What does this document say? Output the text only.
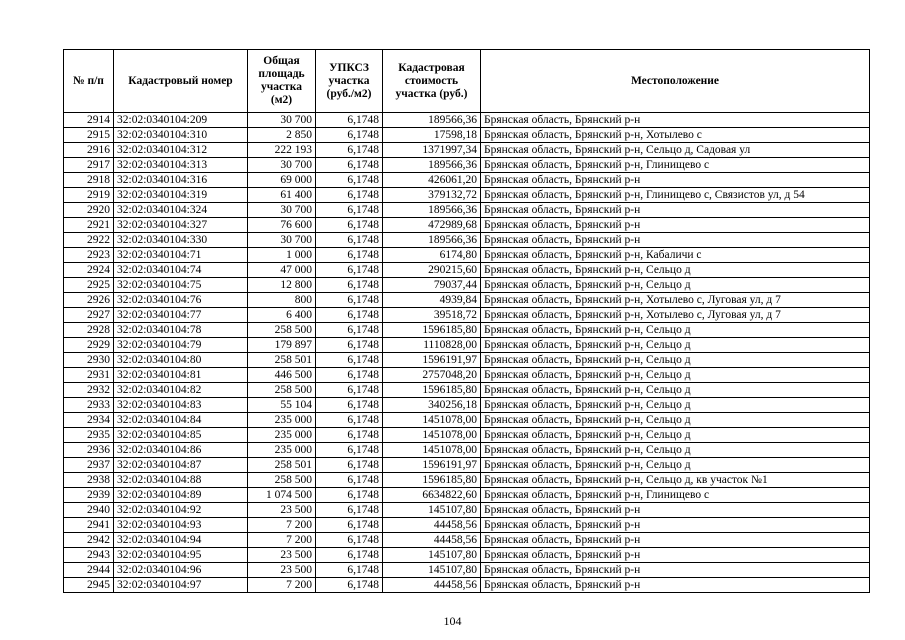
№ п/п	Кадастровый номер	Общая площадь участка (м2)	УПКСЗ участка (руб./м2)	Кадастровая стоимость участка (руб.)	Местоположение
2914	32:02:0340104:209	30 700	6,1748	189566,36	Брянская область, Брянский р-н
2915	32:02:0340104:310	2 850	6,1748	17598,18	Брянская область, Брянский р-н, Хотылево с
2916	32:02:0340104:312	222 193	6,1748	1371997,34	Брянская область, Брянский р-н, Сельцо д, Садовая ул
2917	32:02:0340104:313	30 700	6,1748	189566,36	Брянская область, Брянский р-н, Глинищево с
2918	32:02:0340104:316	69 000	6,1748	426061,20	Брянская область, Брянский р-н
2919	32:02:0340104:319	61 400	6,1748	379132,72	Брянская область, Брянский р-н, Глинищево с, Связистов ул, д 54
2920	32:02:0340104:324	30 700	6,1748	189566,36	Брянская область, Брянский р-н
2921	32:02:0340104:327	76 600	6,1748	472989,68	Брянская область, Брянский р-н
2922	32:02:0340104:330	30 700	6,1748	189566,36	Брянская область, Брянский р-н
2923	32:02:0340104:71	1 000	6,1748	6174,80	Брянская область, Брянский р-н, Кабаличи с
2924	32:02:0340104:74	47 000	6,1748	290215,60	Брянская область, Брянский р-н, Сельцо д
2925	32:02:0340104:75	12 800	6,1748	79037,44	Брянская область, Брянский р-н, Сельцо д
2926	32:02:0340104:76	800	6,1748	4939,84	Брянская область, Брянский р-н, Хотылево с, Луговая ул, д 7
2927	32:02:0340104:77	6 400	6,1748	39518,72	Брянская область, Брянский р-н, Хотылево с, Луговая ул, д 7
2928	32:02:0340104:78	258 500	6,1748	1596185,80	Брянская область, Брянский р-н, Сельцо д
2929	32:02:0340104:79	179 897	6,1748	1110828,00	Брянская область, Брянский р-н, Сельцо д
2930	32:02:0340104:80	258 501	6,1748	1596191,97	Брянская область, Брянский р-н, Сельцо д
2931	32:02:0340104:81	446 500	6,1748	2757048,20	Брянская область, Брянский р-н, Сельцо д
2932	32:02:0340104:82	258 500	6,1748	1596185,80	Брянская область, Брянский р-н, Сельцо д
2933	32:02:0340104:83	55 104	6,1748	340256,18	Брянская область, Брянский р-н, Сельцо д
2934	32:02:0340104:84	235 000	6,1748	1451078,00	Брянская область, Брянский р-н, Сельцо д
2935	32:02:0340104:85	235 000	6,1748	1451078,00	Брянская область, Брянский р-н, Сельцо д
2936	32:02:0340104:86	235 000	6,1748	1451078,00	Брянская область, Брянский р-н, Сельцо д
2937	32:02:0340104:87	258 501	6,1748	1596191,97	Брянская область, Брянский р-н, Сельцо д
2938	32:02:0340104:88	258 500	6,1748	1596185,80	Брянская область, Брянский р-н, Сельцо д, кв участок №1
2939	32:02:0340104:89	1 074 500	6,1748	6634822,60	Брянская область, Брянский р-н, Глинищево с
2940	32:02:0340104:92	23 500	6,1748	145107,80	Брянская область, Брянский р-н
2941	32:02:0340104:93	7 200	6,1748	44458,56	Брянская область, Брянский р-н
2942	32:02:0340104:94	7 200	6,1748	44458,56	Брянская область, Брянский р-н
2943	32:02:0340104:95	23 500	6,1748	145107,80	Брянская область, Брянский р-н
2944	32:02:0340104:96	23 500	6,1748	145107,80	Брянская область, Брянский р-н
2945	32:02:0340104:97	7 200	6,1748	44458,56	Брянская область, Брянский р-н
104
